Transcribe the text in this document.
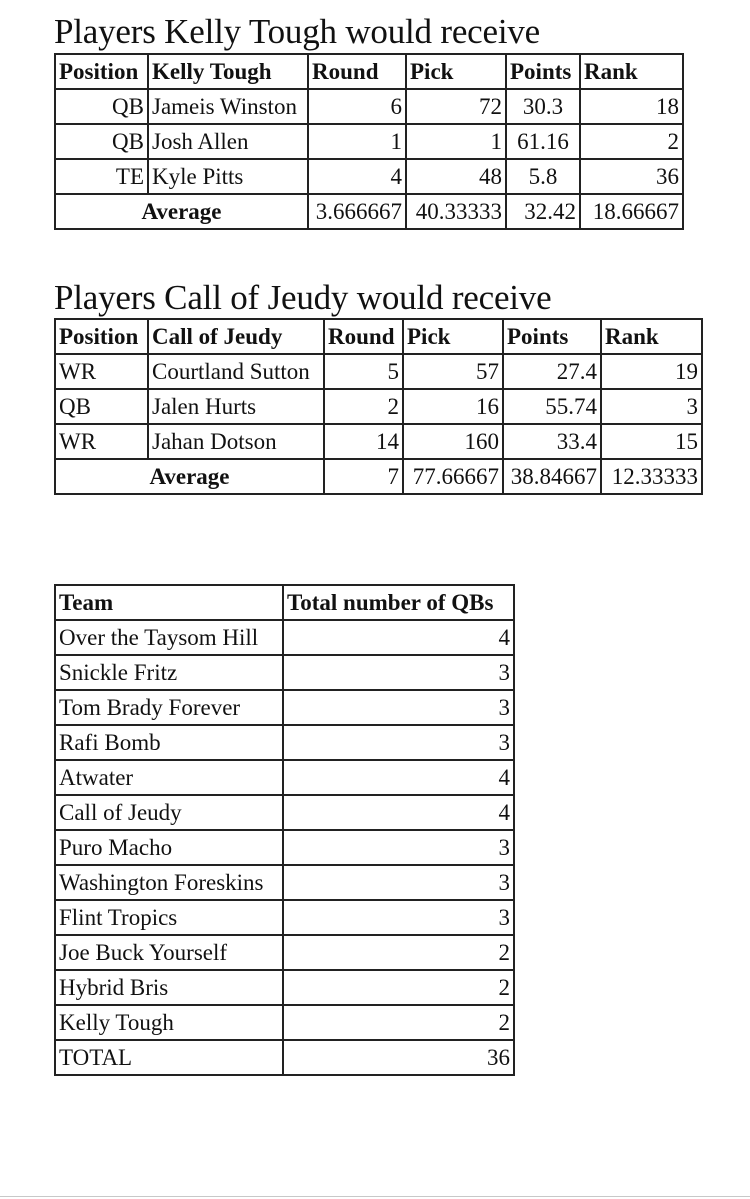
Players Kelly Tough would receive
Position	Kelly Tough	Round	Pick	Points	Rank
QB	Jameis Winston	6	72	30.3	18
QB	Josh Allen	1	1	61.16	2
TE	Kyle Pitts	4	48	5.8	36
Average		3.666667	40.33333	32.42	18.66667
Players Call of Jeudy would receive
Position	Call of Jeudy	Round	Pick	Points	Rank
WR	Courtland Sutton	5	57	27.4	19
QB	Jalen Hurts	2	16	55.74	3
WR	Jahan Dotson	14	160	33.4	15
Average		7	77.66667	38.84667	12.33333
Team	Total number of QBs
Over the Taysom Hill	4
Snickle Fritz	3
Tom Brady Forever	3
Rafi Bomb	3
Atwater	4
Call of Jeudy	4
Puro Macho	3
Washington Foreskins	3
Flint Tropics	3
Joe Buck Yourself	2
Hybrid Bris	2
Kelly Tough	2
TOTAL	36
